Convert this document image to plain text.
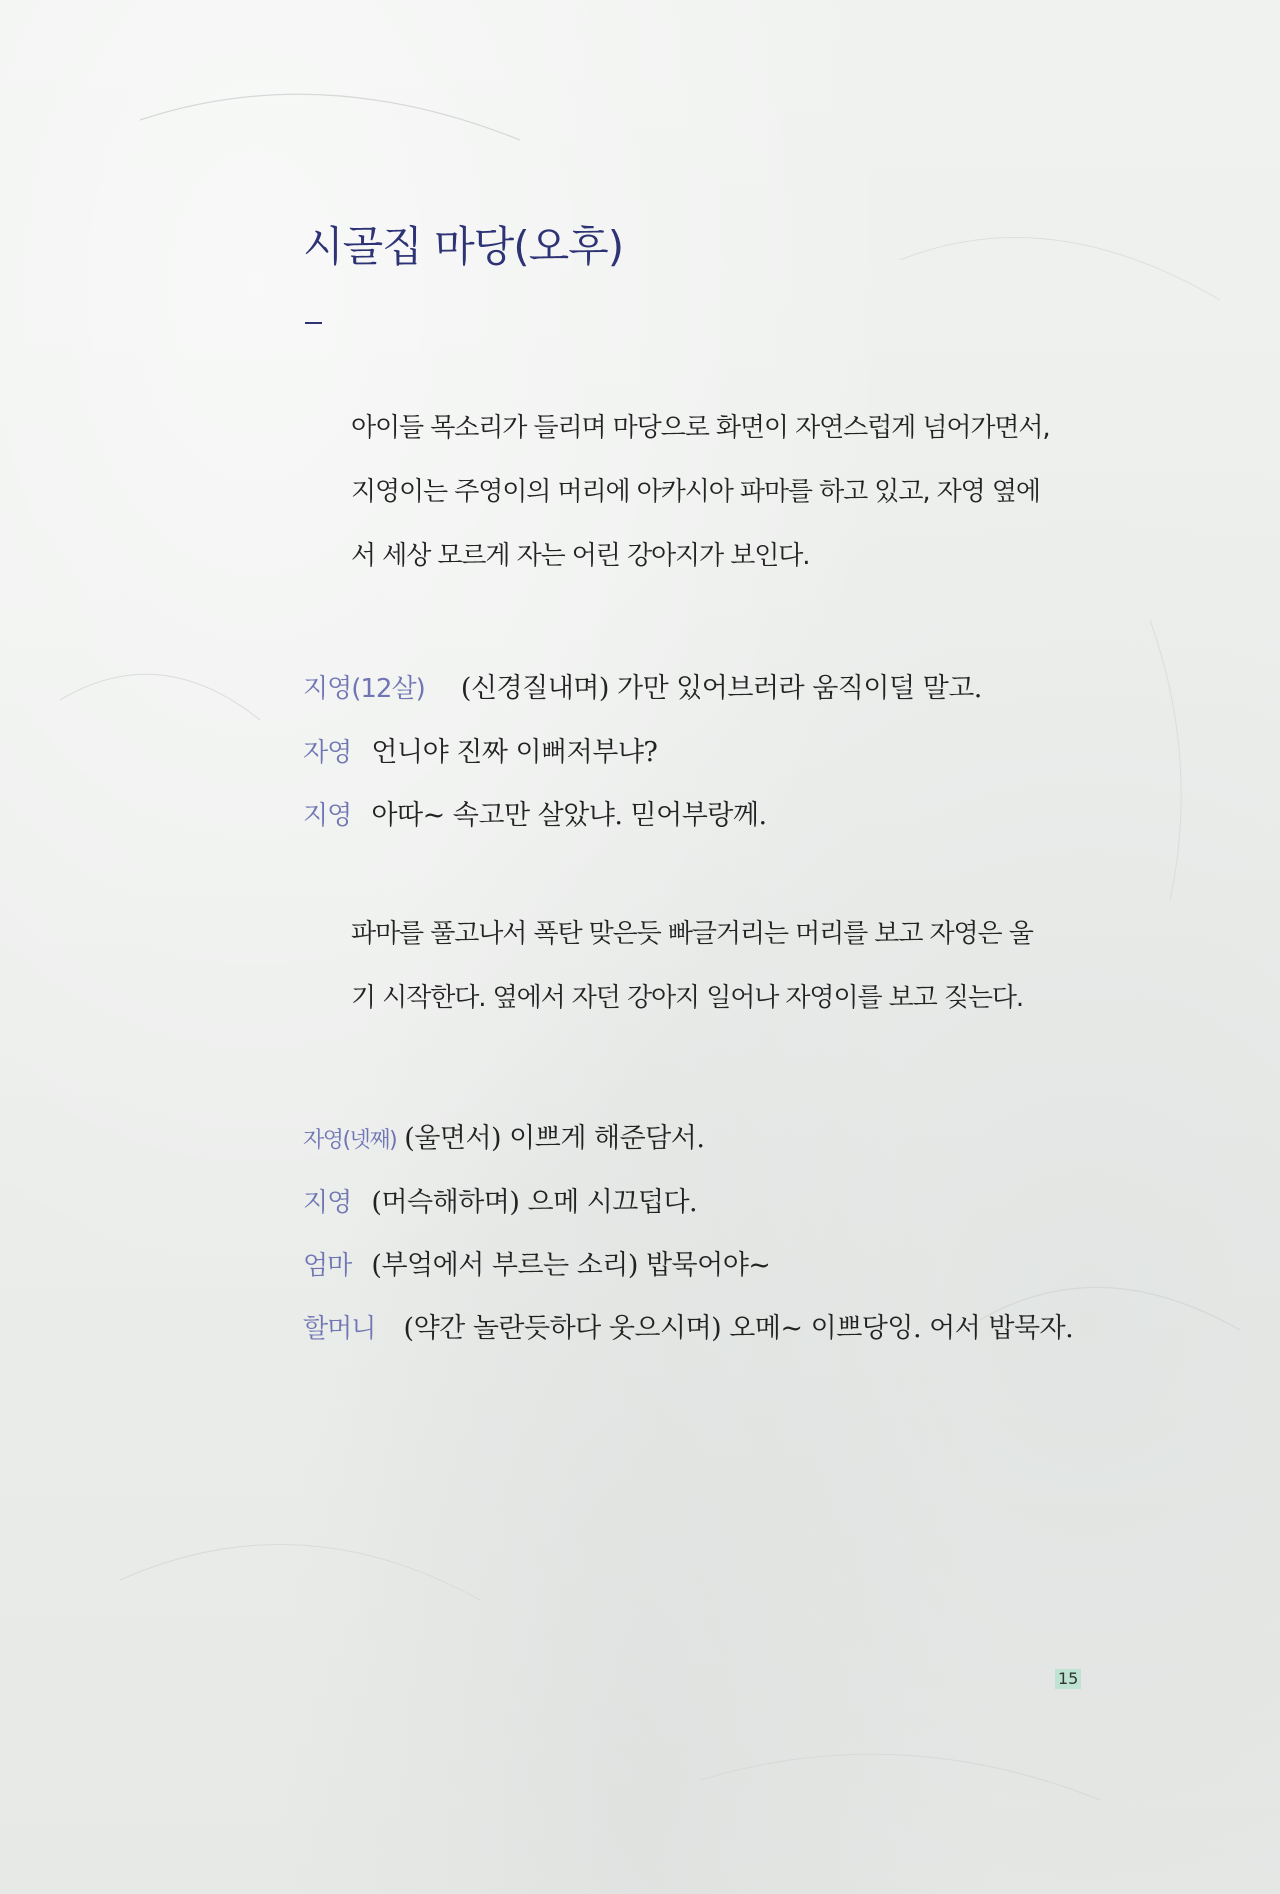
시골집 마당(오후)
아이들 목소리가 들리며 마당으로 화면이 자연스럽게 넘어가면서,
지영이는 주영이의 머리에 아카시아 파마를 하고 있고, 자영 옆에
서 세상 모르게 자는 어린 강아지가 보인다.
지영(12살) (신경질내며) 가만 있어브러라 움직이덜 말고.
자영 언니야 진짜 이뻐저부냐?
지영 아따~ 속고만 살았냐. 믿어부랑께.
파마를 풀고나서 폭탄 맞은듯 빠글거리는 머리를 보고 자영은 울
기 시작한다. 옆에서 자던 강아지 일어나 자영이를 보고 짖는다.
자영(넷째) (울면서) 이쁘게 해준담서.
지영 (머슥해하며) 으메 시끄덥다.
엄마 (부엌에서 부르는 소리) 밥묵어야~
할머니 (약간 놀란듯하다 웃으시며) 오메~ 이쁘당잉. 어서 밥묵자.
15
